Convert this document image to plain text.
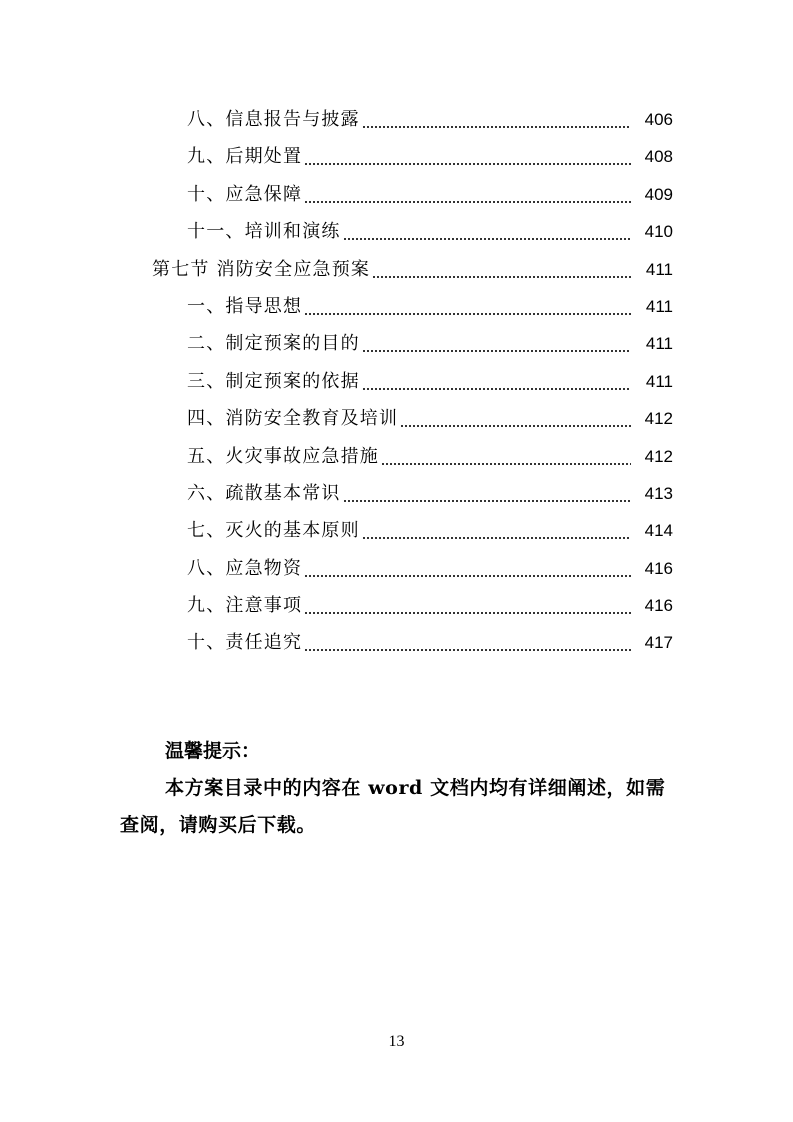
八、信息报告与披露	406
九、后期处置	408
十、应急保障	409
十一、培训和演练	410
第七节 消防安全应急预案	411
一、指导思想	411
二、制定预案的目的	411
三、制定预案的依据	411
四、消防安全教育及培训	412
五、火灾事故应急措施	412
六、疏散基本常识	413
七、灭火的基本原则	414
八、应急物资	416
九、注意事项	416
十、责任追究	417
温馨提示：
本方案目录中的内容在 word 文档内均有详细阐述，如需查阅，请购买后下载。
13
